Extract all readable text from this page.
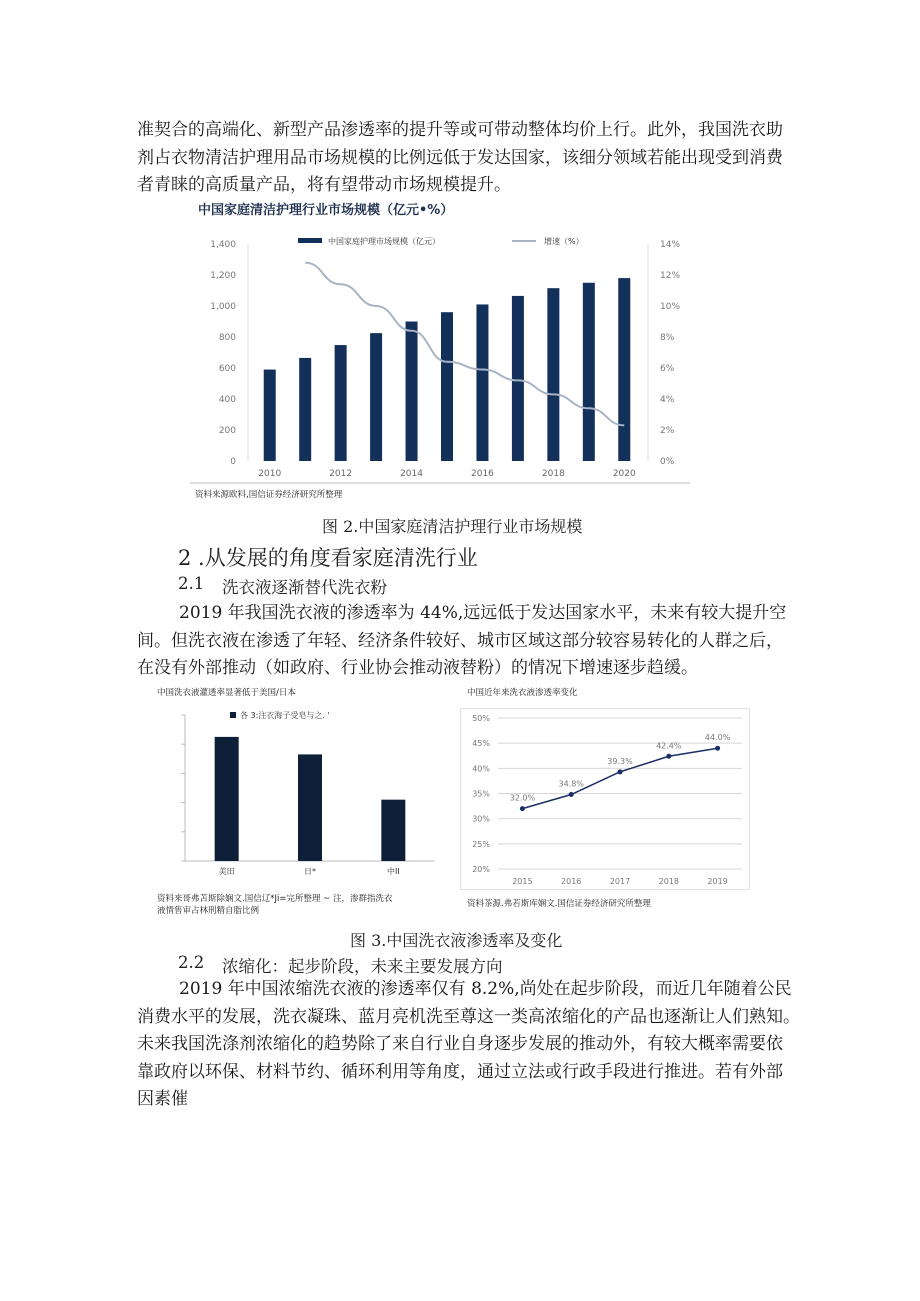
准契合的高端化、新型产品渗透率的提升等或可带动整体均价上行。此外，我国洗衣助
剂占衣物清洁护理用品市场规模的比例远低于发达国家，该细分领域若能出现受到消费
者青睐的高质量产品，将有望带动市场规模提升。
中国家庭清洁护理行业市场规模（亿元•%）
0
200
400
600
800
1,000
1,200
1,400
0%
2%
4%
6%
8%
10%
12%
14%
2010	2012	2014	2016	2018	2020
中国家庭护理市场规模（亿元）	增速（%）
资料来源欧料,国信证券经济研究所整理
图 2.中国家庭清洁护理行业市场规模
2 .从发展的角度看家庭清洗行业
2.1 洗衣液逐渐替代洗衣粉
2019 年我国洗衣液的渗透率为 44%,远远低于发达国家水平，未来有较大提升空
间。但洗衣液在渗透了年轻、经济条件较好、城市区域这部分较容易转化的人群之后，
在没有外部推动（如政府、行业协会推动液替粉）的情况下增速逐步趋缓。
中国洗衣液灌透率显著低于美国/日本
美田	日*	中II
各 3:注衣海子受皂与之. '
资料来哥弗苫斯除娴文.国信辽*Ji=完所整理 ~ 注，渗群指洗衣
液情售审占林刑精自脂比例
中国近年来洗衣液渗透率变化
20%
25%
30%
35%
40%
45%
50%
32.0%
34.8%
39.3%
42.4%
44.0%
2015	2016	2017	2018	2019
资料茶源.弗若斯库娴文.国信证券经济研究所整理
图 3.中国洗衣液渗透率及变化
2.2 浓缩化：起步阶段，未来主要发展方向
2019 年中国浓缩洗衣液的渗透率仅有 8.2%,尚处在起步阶段，而近几年随着公民
消费水平的发展，洗衣凝珠、蓝月亮机洗至尊这一类高浓缩化的产品也逐渐让人们熟知。
未来我国洗涤剂浓缩化的趋势除了来自行业自身逐步发展的推动外，有较大概率需要依
靠政府以环保、材料节约、循环利用等角度，通过立法或行政手段进行推进。若有外部
因素催
